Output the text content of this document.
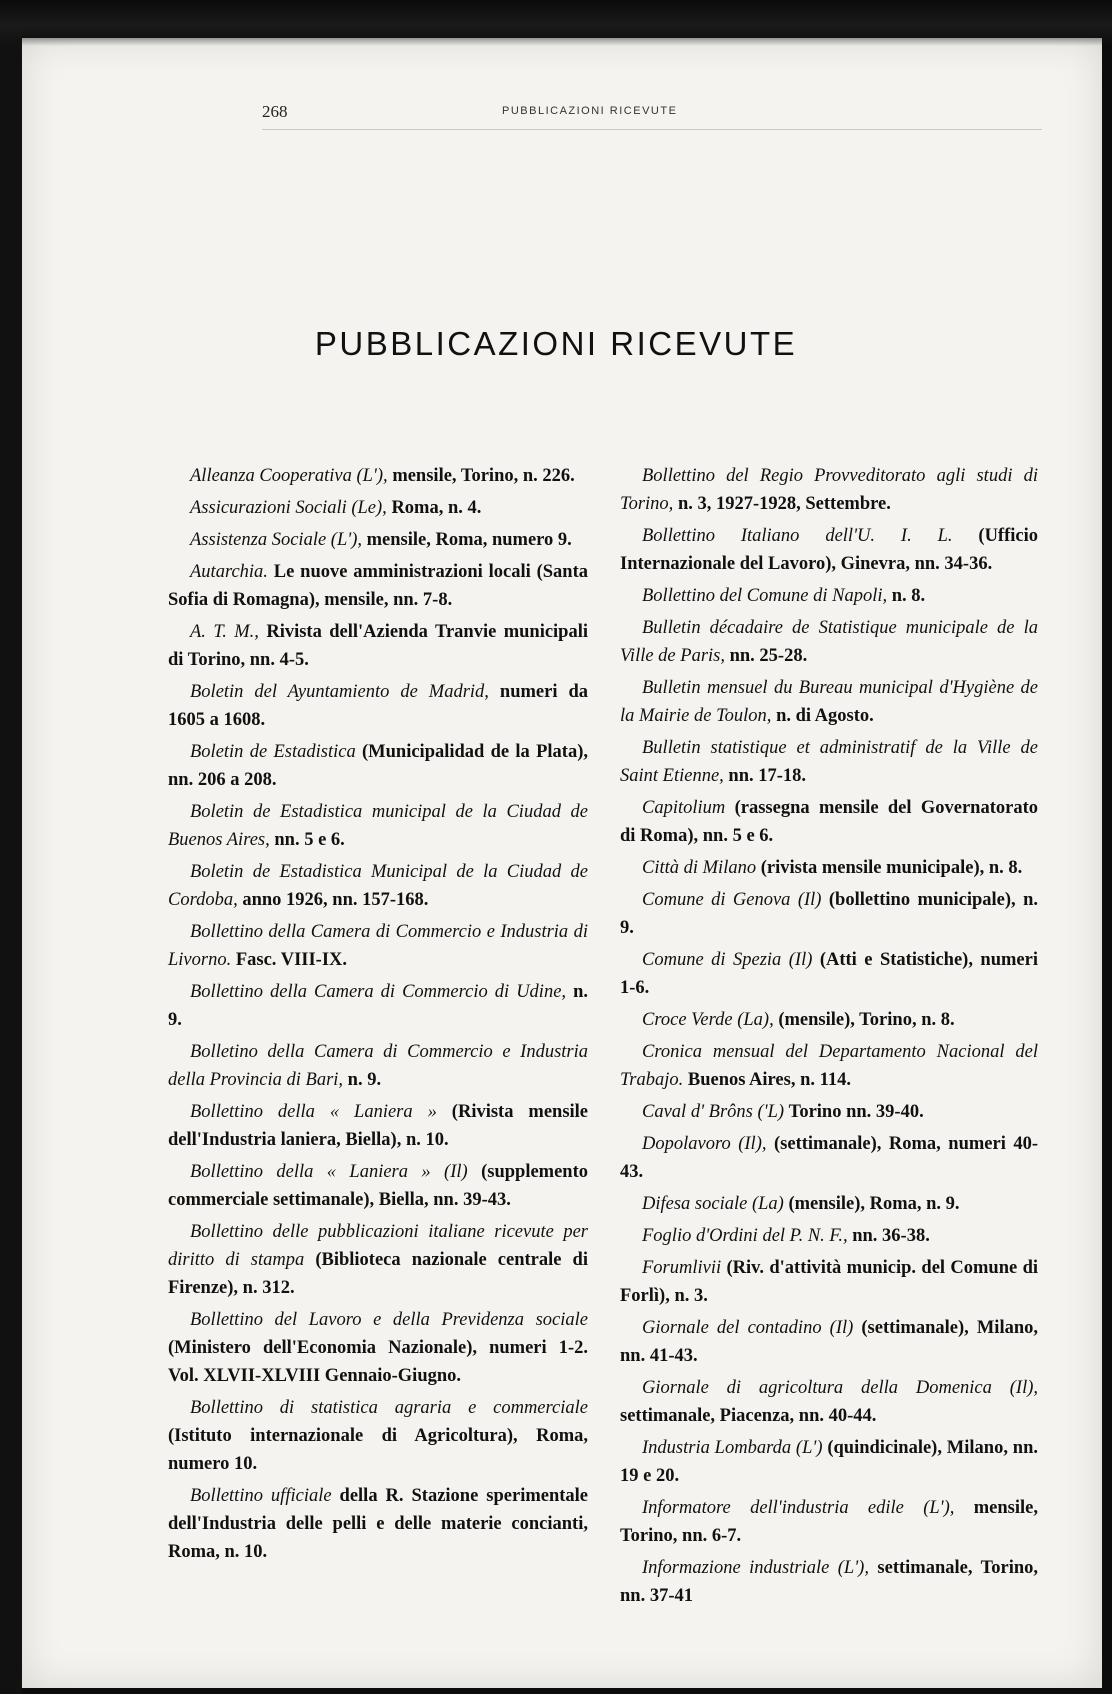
268	PUBBLICAZIONI RICEVUTE
PUBBLICAZIONI RICEVUTE

Alleanza Cooperativa (L'), mensile, Torino, n. 226.

Assicurazioni Sociali (Le), Roma, n. 4.

Assistenza Sociale (L'), mensile, Roma, numero 9.

Autarchia. Le nuove amministrazioni locali (Santa Sofia di Romagna), mensile, nn. 7-8.

A. T. M., Rivista dell'Azienda Tranvie municipali di Torino, nn. 4-5.

Boletin del Ayuntamiento de Madrid, numeri da 1605 a 1608.

Boletin de Estadistica (Municipalidad de la Plata), nn. 206 a 208.

Boletin de Estadistica municipal de la Ciudad de Buenos Aires, nn. 5 e 6.

Boletin de Estadistica Municipal de la Ciudad de Cordoba, anno 1926, nn. 157-168.

Bollettino della Camera di Commercio e Industria di Livorno. Fasc. VIII-IX.

Bollettino della Camera di Commercio di Udine, n. 9.

Bolletino della Camera di Commercio e Industria della Provincia di Bari, n. 9.

Bollettino della « Laniera » (Rivista mensile dell'Industria laniera, Biella), n. 10.

Bollettino della « Laniera » (Il) (supplemento commerciale settimanale), Biella, nn. 39-43.

Bollettino delle pubblicazioni italiane ricevute per diritto di stampa (Biblioteca nazionale centrale di Firenze), n. 312.

Bollettino del Lavoro e della Previdenza sociale (Ministero dell'Economia Nazionale), numeri 1-2. Vol. XLVII-XLVIII Gennaio-Giugno.

Bollettino di statistica agraria e commerciale (Istituto internazionale di Agricoltura), Roma, numero 10.

Bollettino ufficiale della R. Stazione sperimentale dell'Industria delle pelli e delle materie concianti, Roma, n. 10.

Bollettino del Regio Provveditorato agli studi di Torino, n. 3, 1927-1928, Settembre.

Bollettino Italiano dell'U. I. L. (Ufficio Internazionale del Lavoro), Ginevra, nn. 34-36.

Bollettino del Comune di Napoli, n. 8.

Bulletin décadaire de Statistique municipale de la Ville de Paris, nn. 25-28.

Bulletin mensuel du Bureau municipal d'Hygiène de la Mairie de Toulon, n. di Agosto.

Bulletin statistique et administratif de la Ville de Saint Etienne, nn. 17-18.

Capitolium (rassegna mensile del Governatorato di Roma), nn. 5 e 6.

Città di Milano (rivista mensile municipale), n. 8.

Comune di Genova (Il) (bollettino municipale), n. 9.

Comune di Spezia (Il) (Atti e Statistiche), numeri 1-6.

Croce Verde (La), (mensile), Torino, n. 8.

Cronica mensual del Departamento Nacional del Trabajo. Buenos Aires, n. 114.

Caval d' Brôns ('L) Torino nn. 39-40.

Dopolavoro (Il), (settimanale), Roma, numeri 40-43.

Difesa sociale (La) (mensile), Roma, n. 9.

Foglio d'Ordini del P. N. F., nn. 36-38.

Forumlivii (Riv. d'attività municip. del Comune di Forlì), n. 3.

Giornale del contadino (Il) (settimanale), Milano, nn. 41-43.

Giornale di agricoltura della Domenica (Il), settimanale, Piacenza, nn. 40-44.

Industria Lombarda (L') (quindicinale), Milano, nn. 19 e 20.

Informatore dell'industria edile (L'), mensile, Torino, nn. 6-7.

Informazione industriale (L'), settimanale, Torino, nn. 37-41
